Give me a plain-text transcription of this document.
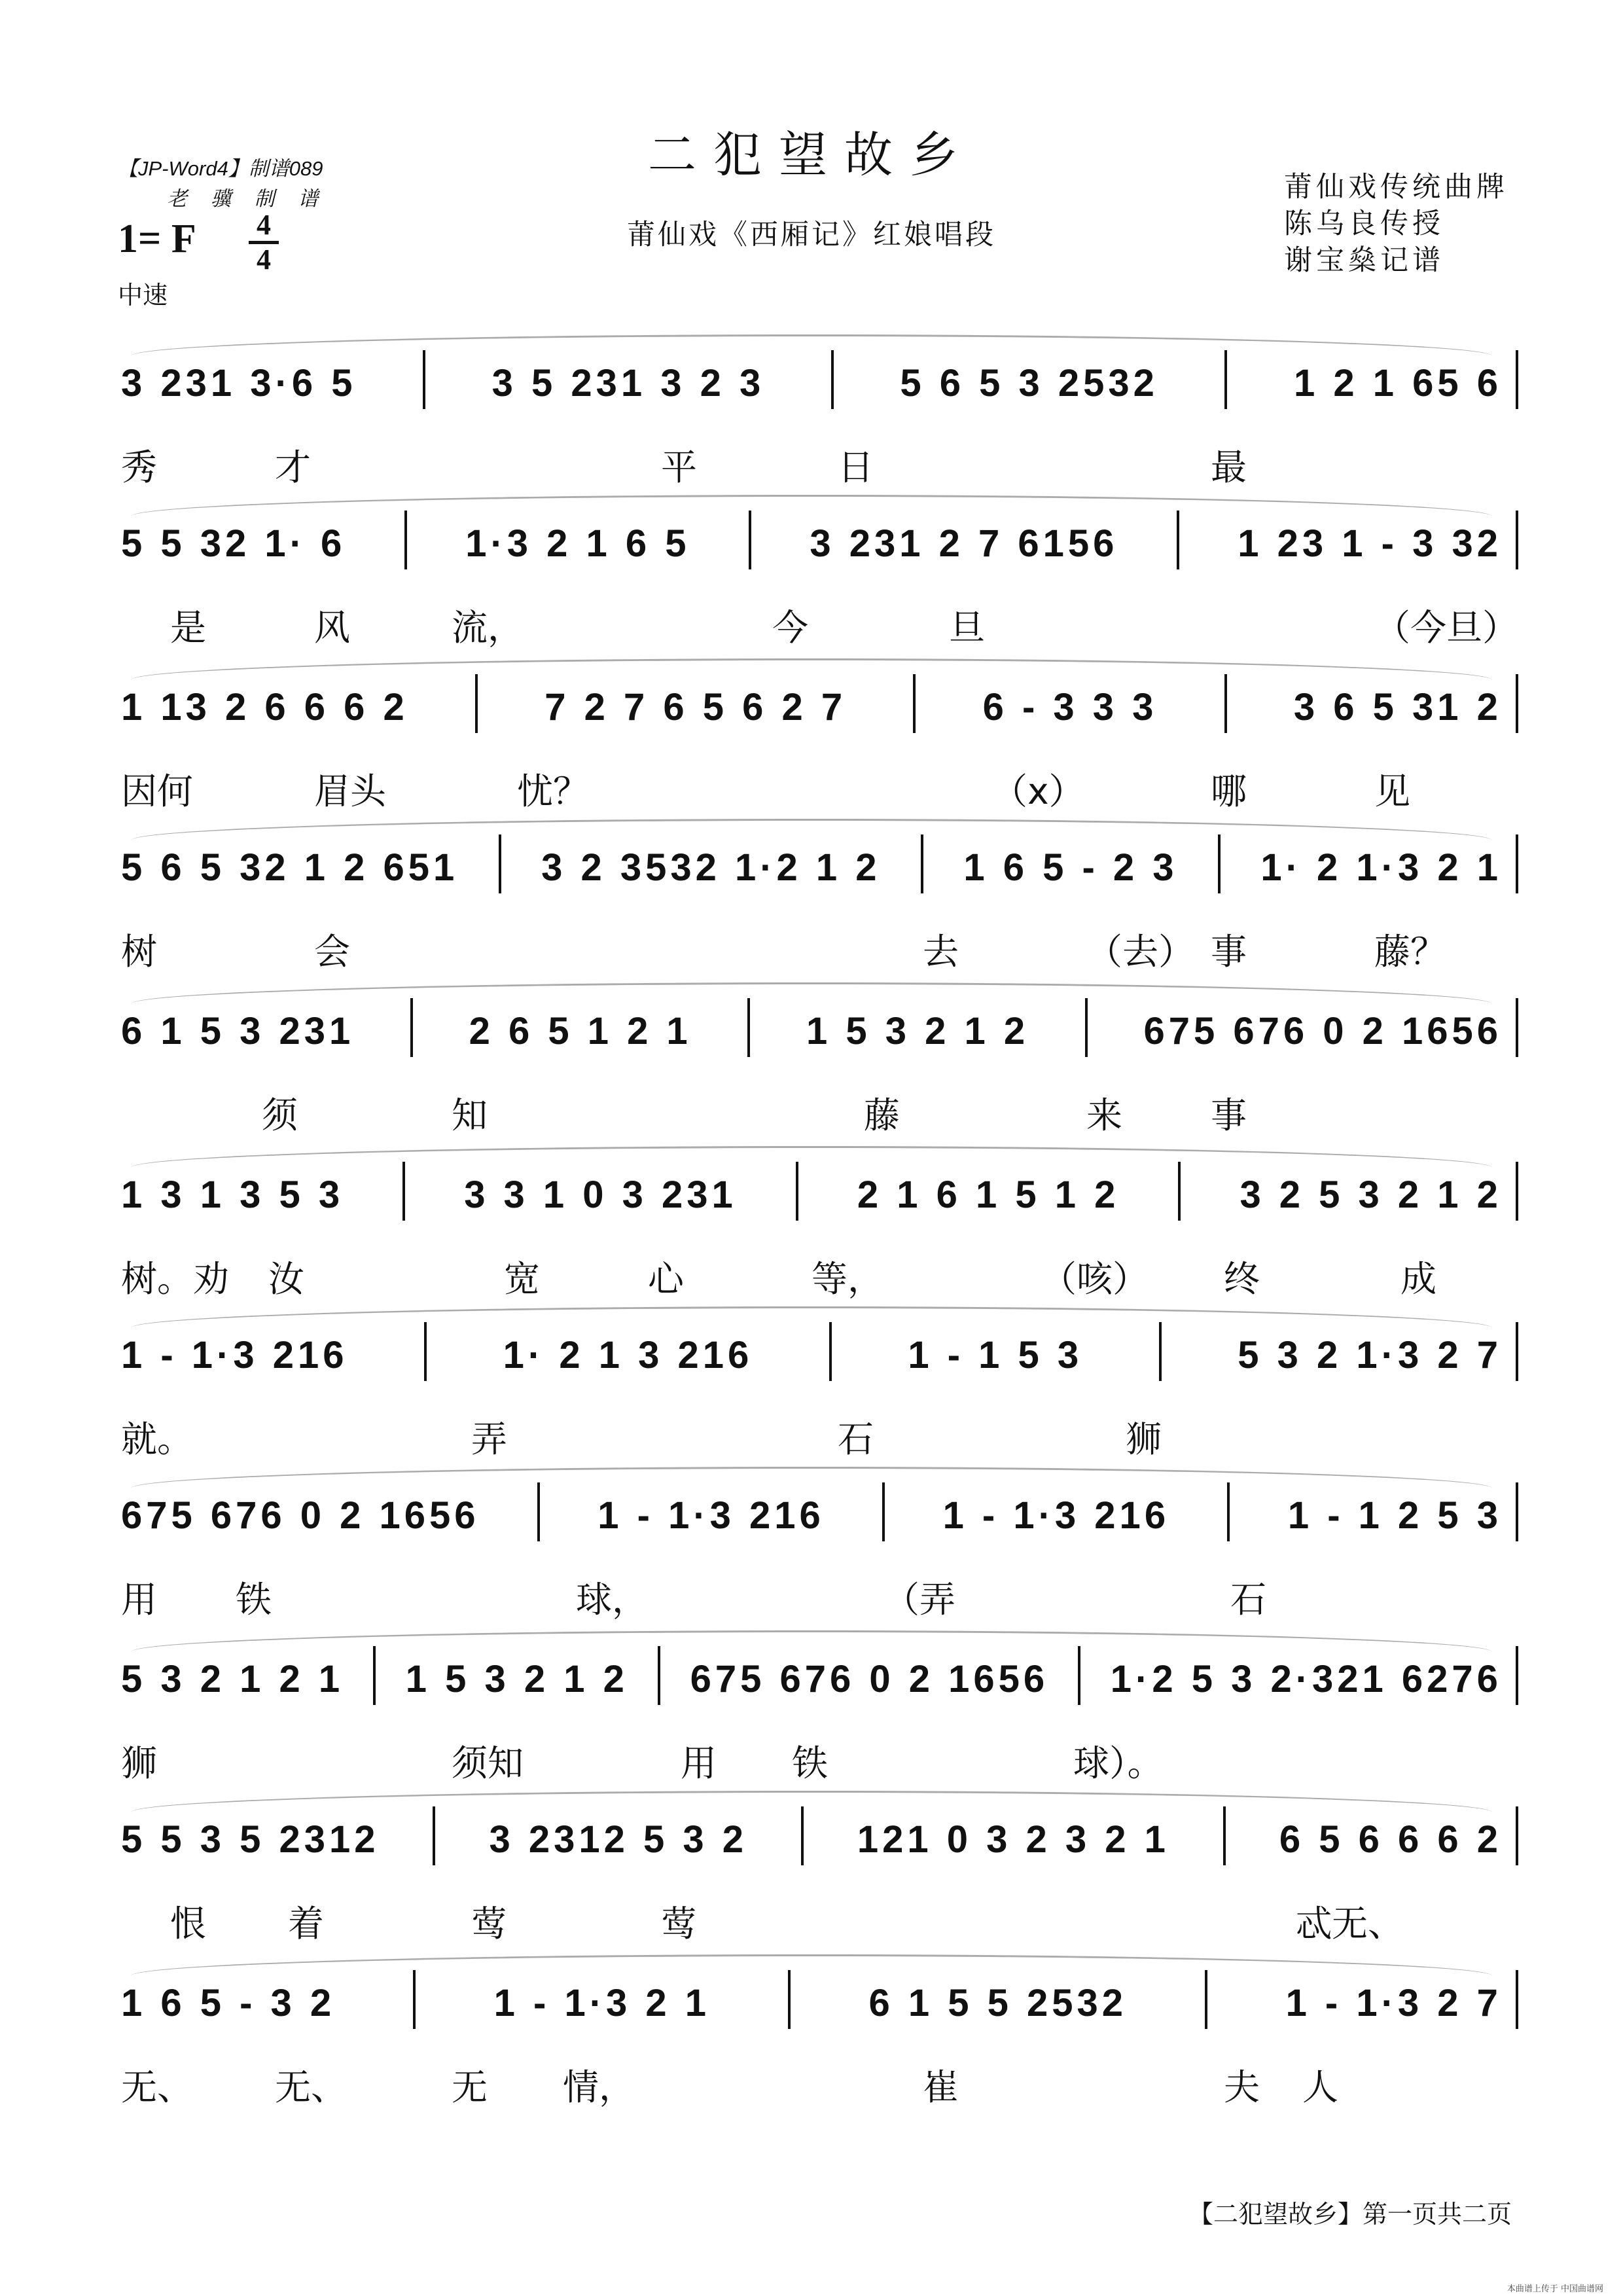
二犯望故乡
莆仙戏《西厢记》红娘唱段
【JP-Word4】制谱089
老 骥 制 谱
1= F 4
4
中速
莆仙戏传统曲牌
陈乌良传授
谢宝燊记谱
3 231 3·6 5	3 5 231 3 2 3	5 6 5 3 2532	1 2 1 65 6
秀	才	平	日	最
5 5 32 1· 6	1·3 2 1 6 5	3 231 2 7 6156	1 23 1 - 3 32
是	风	流，	今	旦	（今旦）
1 13 2 6 6 6 2	7 2 7 6 5 6 2 7	6 - 3 3 3	3 6 5 31 2
因何	眉头	忧？	（x）	哪	见
5 6 5 32 1 2 651 3 2 3532 1·2 1 2 1 6 5 - 2 3 1· 2 1·3 2 1
树	会	去	（去） 事	藤？
6 1 5 3 231	2 6 5 1 2 1	1 5 3 2 1 2	675 676 0 2 1656
须	知	藤	来 事
1 3 1 3 5 3	3 3 1 0 3 231	2 1 6 1 5 1 2	3 2 5 3 2 1 2
树。劝 汝	宽	心	等，	（咳） 终	成
1 - 1·3 216	1· 2 1 3 216	1 - 1 5 3	5 3 2 1·3 2 7
就。	弄	石	狮
675 676 0 2 1656	1 - 1·3 216	1 - 1·3 216	1 - 1 2 5 3
用 铁	球，	（弄	石
5 3 2 1 2 1 1 5 3 2 1 2 675 676 0 2 1656 1·2 5 3 2·321 6276
狮	须知	用 铁	球）。
5 5 3 5 2312	3 2312 5 3 2	121 0 3 2 3 2 1	6 5 6 6 6 2
恨 着	莺	莺	忒无、
1 6 5 - 3 2	1 - 1·3 2 1	6 1 5 5 2532	1 - 1·3 2 7
无、 无、	无 情，	崔	夫 人
【二犯望故乡】第一页共二页
本曲谱上传于 中国曲谱网
